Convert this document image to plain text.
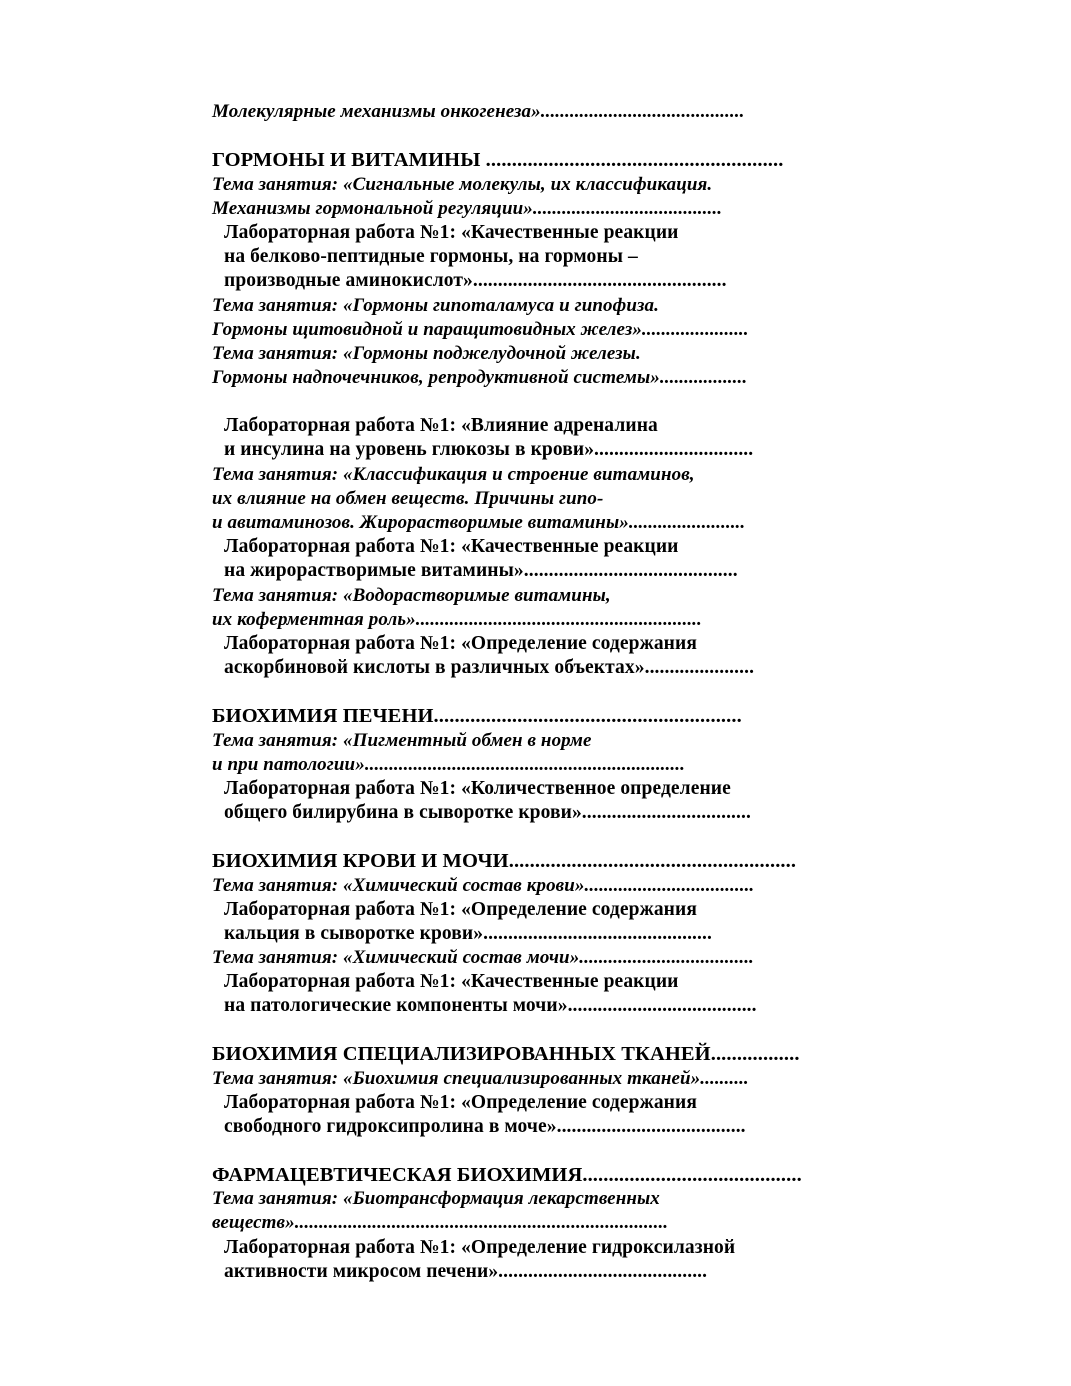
Молекулярные механизмы онкогенеза»..........................................

ГОРМОНЫ И ВИТАМИНЫ .........................................................

Тема занятия: «Сигнальные молекулы, их классификация.

Механизмы гормональной регуляции».......................................

Лабораторная работа №1: «Качественные реакции

на белково-пептидные гормоны, на гормоны –

производные аминокислот»...................................................

Тема занятия: «Гормоны гипоталамуса и гипофиза.

Гормоны щитовидной и паращитовидных желез»......................

Тема занятия: «Гормоны поджелудочной железы.

Гормоны надпочечников, репродуктивной системы»..................

Лабораторная работа №1: «Влияние адреналина

и инсулина на уровень глюкозы в крови»................................

Тема занятия: «Классификация и строение витаминов,

их влияние на обмен веществ. Причины гипо-

и авитаминозов. Жирорастворимые витамины»........................

Лабораторная работа №1: «Качественные реакции

на жирорастворимые витамины»...........................................

Тема занятия: «Водорастворимые витамины,

их коферментная роль»...........................................................

Лабораторная работа №1: «Определение содержания

аскорбиновой кислоты в различных объектах»......................

БИОХИМИЯ ПЕЧЕНИ...........................................................

Тема занятия: «Пигментный обмен в норме

и при патологии»..................................................................

Лабораторная работа №1: «Количественное определение

общего билирубина в сыворотке крови»..................................

БИОХИМИЯ КРОВИ И МОЧИ.......................................................

Тема занятия: «Химический состав крови»...................................

Лабораторная работа №1: «Определение содержания

кальция в сыворотке крови»..............................................

Тема занятия: «Химический состав мочи»....................................

Лабораторная работа №1: «Качественные реакции

на патологические компоненты мочи»......................................

БИОХИМИЯ СПЕЦИАЛИЗИРОВАННЫХ ТКАНЕЙ.................

Тема занятия: «Биохимия специализированных тканей»..........

Лабораторная работа №1: «Определение содержания

свободного гидроксипролина в моче»......................................

ФАРМАЦЕВТИЧЕСКАЯ БИОХИМИЯ..........................................

Тема занятия: «Биотрансформация лекарственных

веществ».............................................................................

Лабораторная работа №1: «Определение гидроксилазной

активности микросом печени»..........................................
